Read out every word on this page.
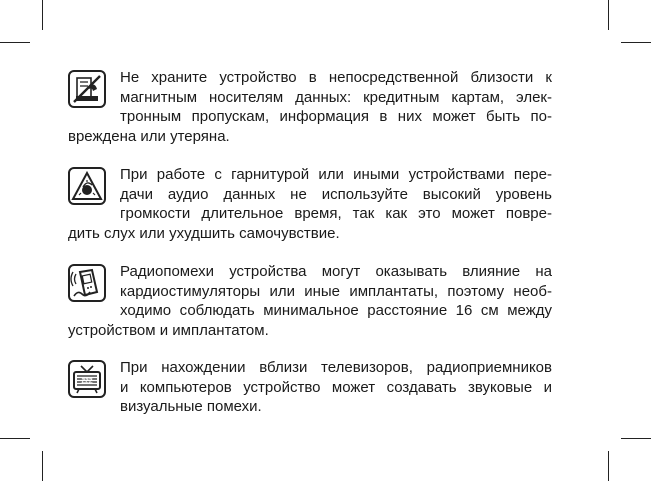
Не храните устройство в непосредственной близости к
магнитным носителям данных: кредитным картам, элек-
тронным пропускам, информация в них может быть по-
вреждена или утеряна.

При работе с гарнитурой или иными устройствами пере-
дачи аудио данных не используйте высокий уровень
громкости длительное время, так как это может повре-
дить слух или ухудшить самочувствие.

Радиопомехи устройства могут оказывать влияние на
кардиостимуляторы или иные имплантаты, поэтому необ-
ходимо соблюдать минимальное расстояние 16 см между
устройством и имплантатом.

ZZZ

При нахождении вблизи телевизоров, радиоприемников
и компьютеров устройство может создавать звуковые и
визуальные помехи.
